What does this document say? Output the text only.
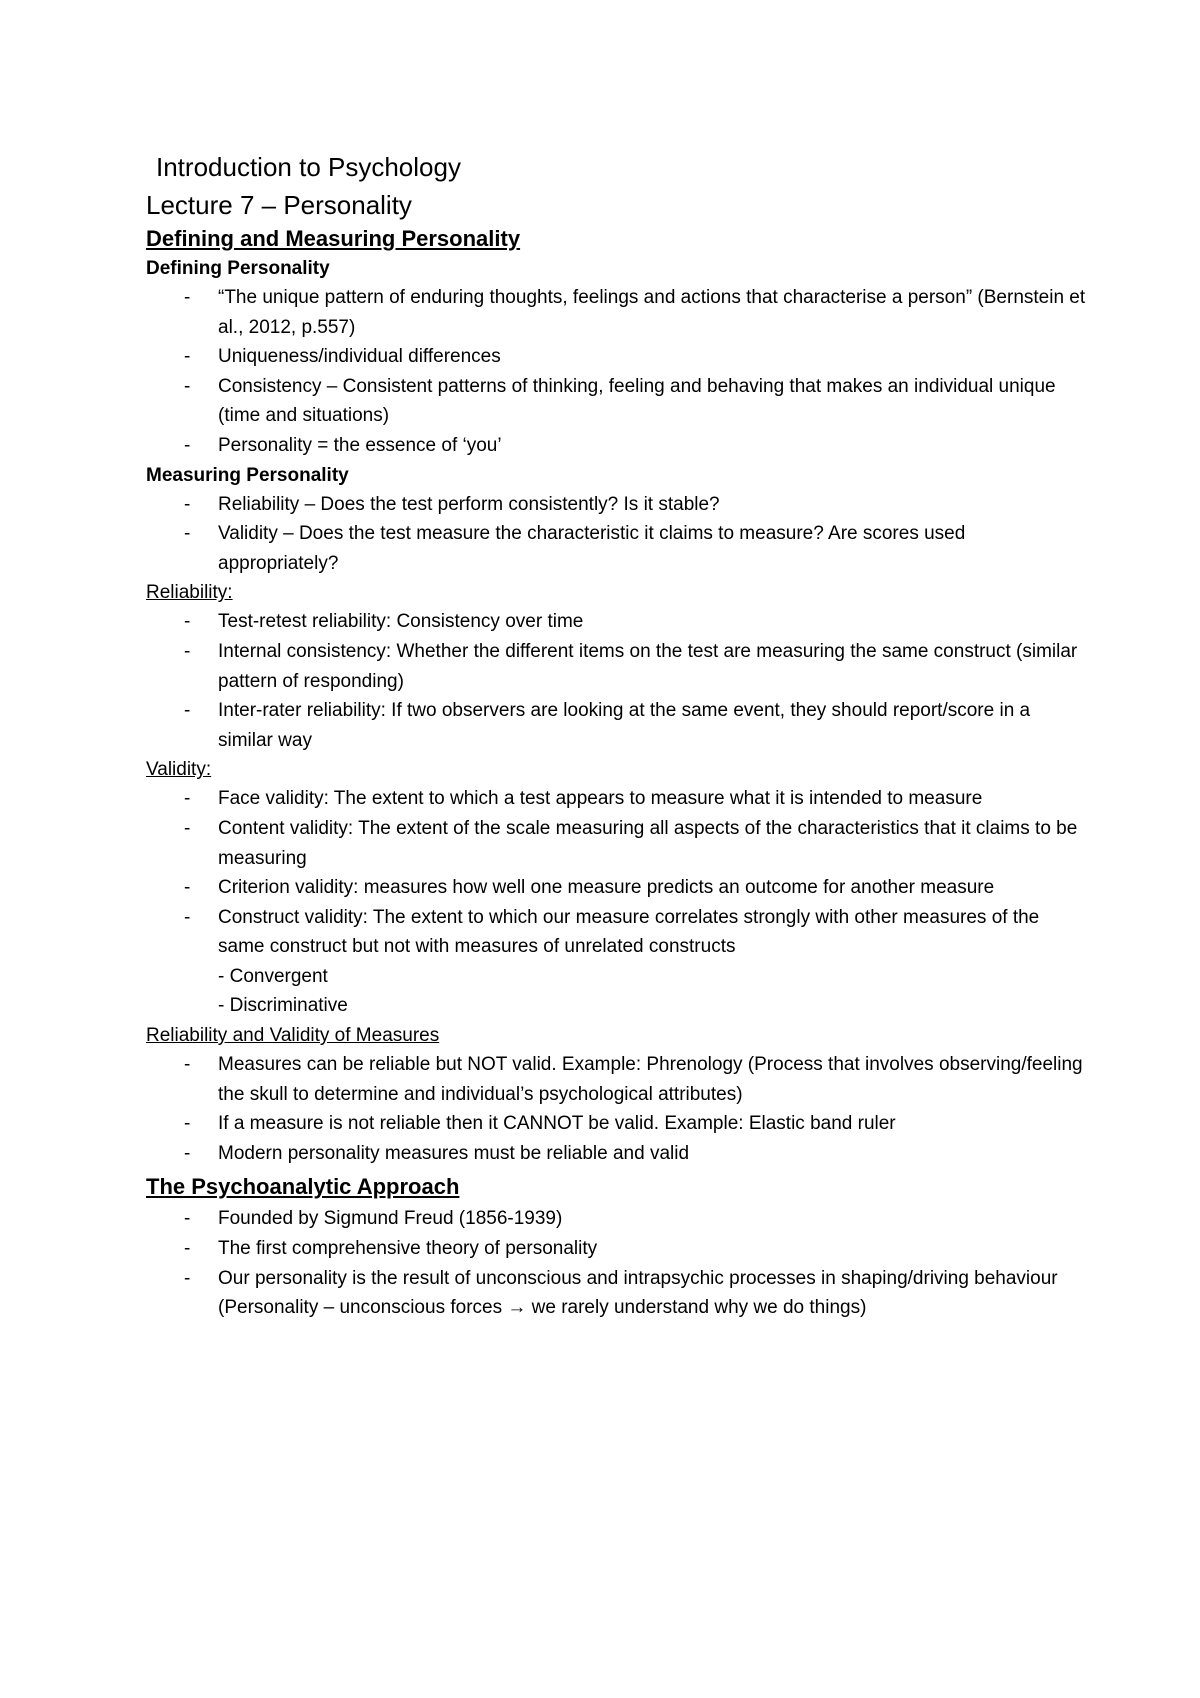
Introduction to Psychology
Lecture 7 – Personality
Defining and Measuring Personality
Defining Personality
- “The unique pattern of enduring thoughts, feelings and actions that characterise a person” (Bernstein et al., 2012, p.557)
- Uniqueness/individual differences
- Consistency – Consistent patterns of thinking, feeling and behaving that makes an individual unique (time and situations)
- Personality = the essence of ‘you’
Measuring Personality
- Reliability – Does the test perform consistently? Is it stable?
- Validity – Does the test measure the characteristic it claims to measure? Are scores used appropriately?
Reliability:
- Test-retest reliability: Consistency over time
- Internal consistency: Whether the different items on the test are measuring the same construct (similar pattern of responding)
- Inter-rater reliability: If two observers are looking at the same event, they should report/score in a similar way
Validity:
- Face validity: The extent to which a test appears to measure what it is intended to measure
- Content validity: The extent of the scale measuring all aspects of the characteristics that it claims to be measuring
- Criterion validity: measures how well one measure predicts an outcome for another measure
- Construct validity: The extent to which our measure correlates strongly with other measures of the same construct but not with measures of unrelated constructs
- Convergent
- Discriminative
Reliability and Validity of Measures
- Measures can be reliable but NOT valid. Example: Phrenology (Process that involves observing/feeling the skull to determine and individual’s psychological attributes)
- If a measure is not reliable then it CANNOT be valid. Example: Elastic band ruler
- Modern personality measures must be reliable and valid
The Psychoanalytic Approach
- Founded by Sigmund Freud (1856-1939)
- The first comprehensive theory of personality
- Our personality is the result of unconscious and intrapsychic processes in shaping/driving behaviour (Personality – unconscious forces → we rarely understand why we do things)
